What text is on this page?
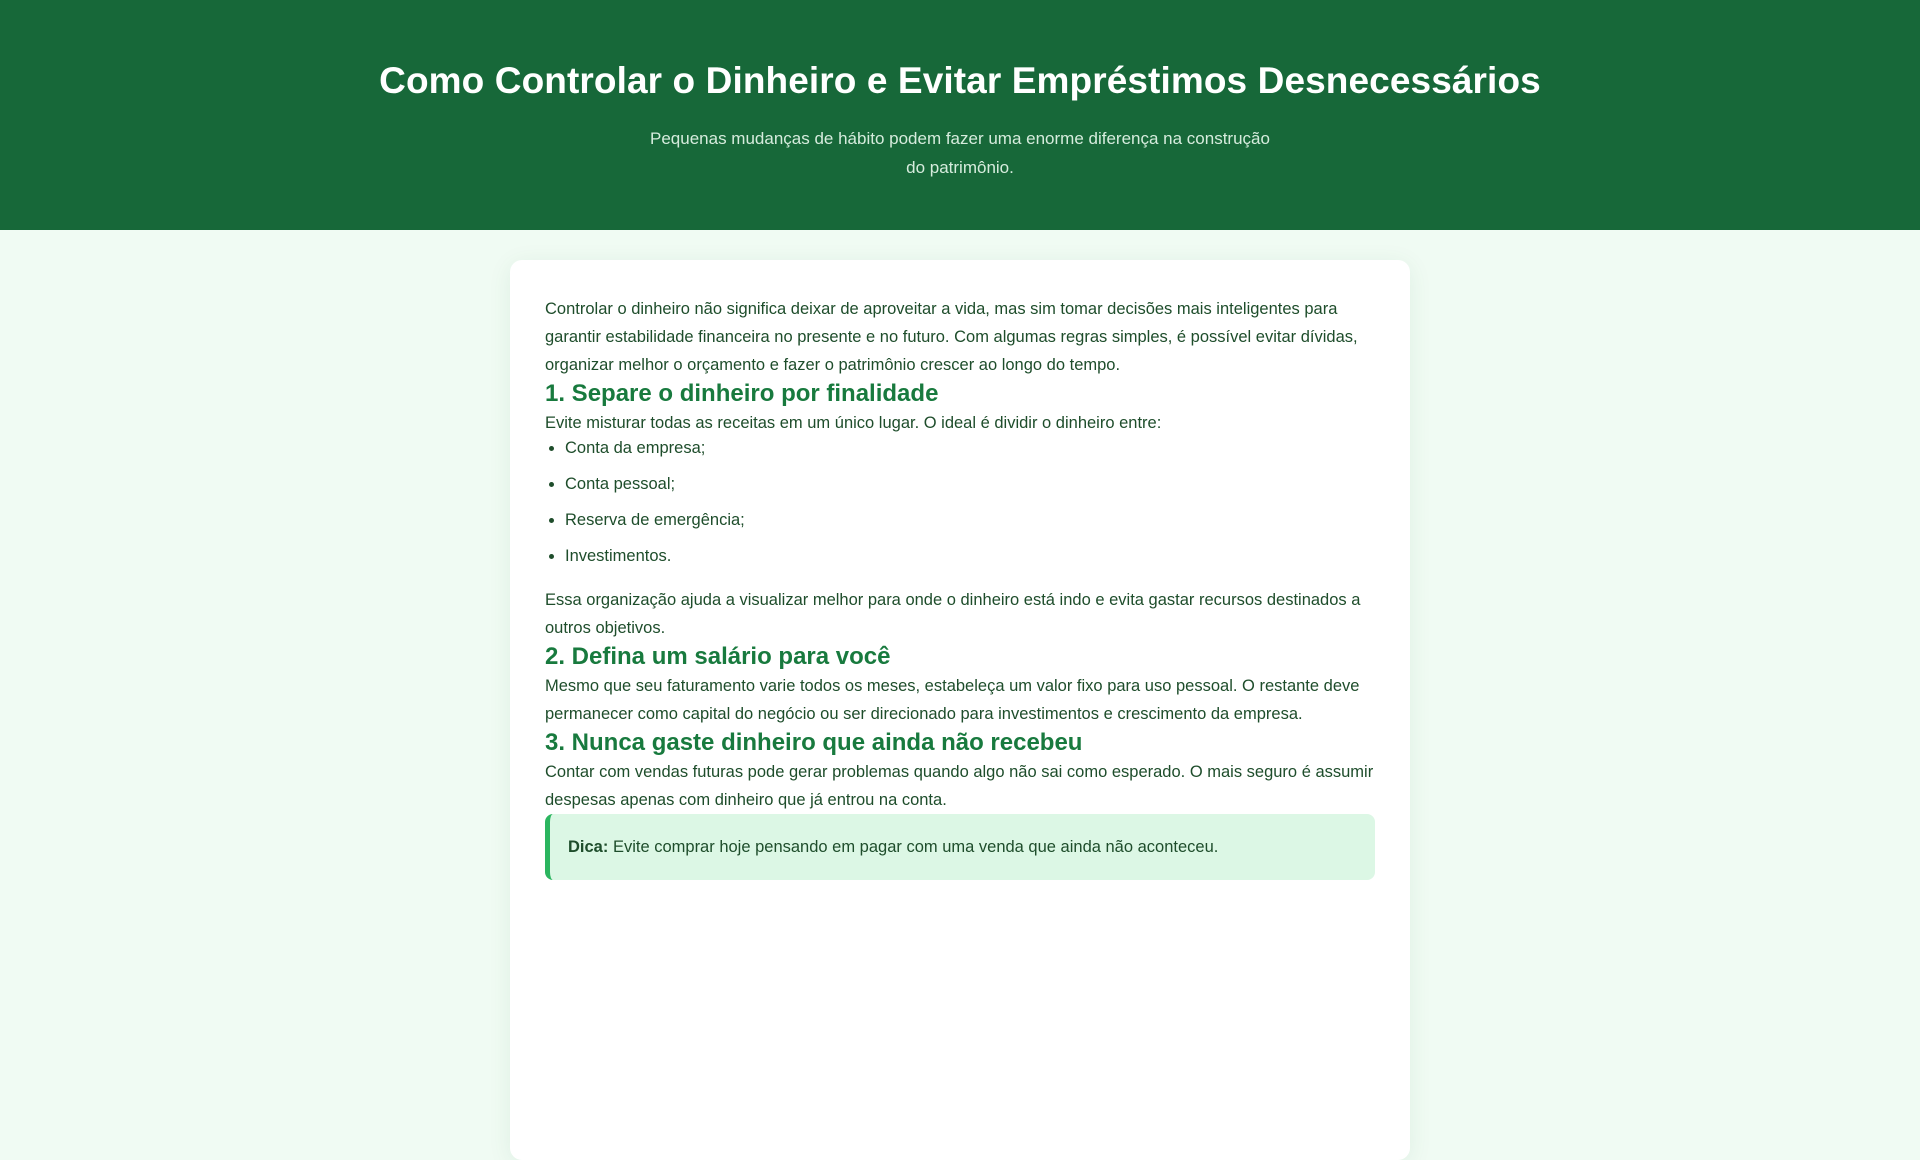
Como Controlar o Dinheiro e Evitar Empréstimos Desnecessários

Pequenas mudanças de hábito podem fazer uma enorme diferença na construção do patrimônio.

Controlar o dinheiro não significa deixar de aproveitar a vida, mas sim tomar decisões mais inteligentes para garantir estabilidade financeira no presente e no futuro. Com algumas regras simples, é possível evitar dívidas, organizar melhor o orçamento e fazer o patrimônio crescer ao longo do tempo.

1. Separe o dinheiro por finalidade

Evite misturar todas as receitas em um único lugar. O ideal é dividir o dinheiro entre:

• Conta da empresa;
• Conta pessoal;
• Reserva de emergência;
• Investimentos.

Essa organização ajuda a visualizar melhor para onde o dinheiro está indo e evita gastar recursos destinados a outros objetivos.

2. Defina um salário para você

Mesmo que seu faturamento varie todos os meses, estabeleça um valor fixo para uso pessoal. O restante deve permanecer como capital do negócio ou ser direcionado para investimentos e crescimento da empresa.

3. Nunca gaste dinheiro que ainda não recebeu

Contar com vendas futuras pode gerar problemas quando algo não sai como esperado. O mais seguro é assumir despesas apenas com dinheiro que já entrou na conta.

Dica: Evite comprar hoje pensando em pagar com uma venda que ainda não aconteceu.
